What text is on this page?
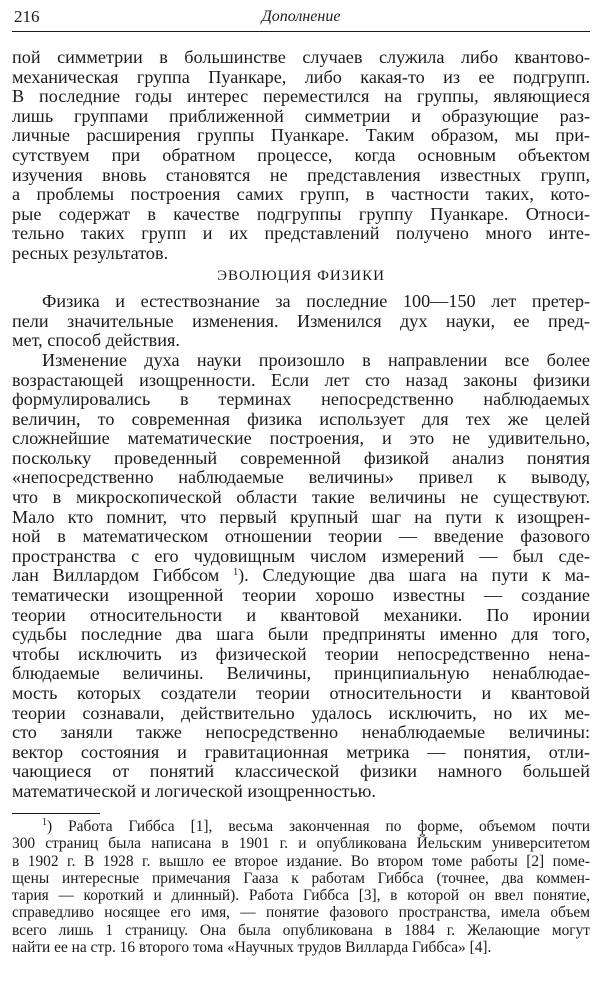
216	Дополнение
пой симметрии в большинстве случаев служила либо квантово-
механическая группа Пуанкаре, либо какая-то из ее подгрупп.
В последние годы интерес переместился на группы, являющиеся
лишь группами приближенной симметрии и образующие раз-
личные расширения группы Пуанкаре. Таким образом, мы при-
сутствуем при обратном процессе, когда основным объектом
изучения вновь становятся не представления известных групп,
а проблемы построения самих групп, в частности таких, кото-
рые содержат в качестве подгруппы группу Пуанкаре. Относи-
тельно таких групп и их представлений получено много инте-
ресных результатов.
ЭВОЛЮЦИЯ ФИЗИКИ
Физика и естествознание за последние 100—150 лет претер-
пели значительные изменения. Изменился дух науки, ее пред-
мет, способ действия.
Изменение духа науки произошло в направлении все более
возрастающей изощренности. Если лет сто назад законы физики
формулировались в терминах непосредственно наблюдаемых
величин, то современная физика использует для тех же целей
сложнейшие математические построения, и это не удивительно,
поскольку проведенный современной физикой анализ понятия
«непосредственно наблюдаемые величины» привел к выводу,
что в микроскопической области такие величины не существуют.
Мало кто помнит, что первый крупный шаг на пути к изощрен-
ной в математическом отношении теории — введение фазового
пространства с его чудовищным числом измерений — был сде-
лан Виллардом Гиббсом $^1$). Следующие два шага на пути к ма-
тематически изощренной теории хорошо известны — создание
теории относительности и квантовой механики. По иронии
судьбы последние два шага были предприняты именно для того,
чтобы исключить из физической теории непосредственно нена-
блюдаемые величины. Величины, принципиальную ненаблюдае-
мость которых создатели теории относительности и квантовой
теории сознавали, действительно удалось исключить, но их ме-
сто заняли также непосредственно ненаблюдаемые величины:
вектор состояния и гравитационная метрика — понятия, отли-
чающиеся от понятий классической физики намного большей
математической и логической изощренностью.
$^1$) Работа Гиббса [1], весьма законченная по форме, объемом почти
300 страниц была написана в 1901 г. и опубликована Йельским университетом
в 1902 г. В 1928 г. вышло ее второе издание. Во втором томе работы [2] поме-
щены интересные примечания Гааза к работам Гиббса (точнее, два коммен-
тария — короткий и длинный). Работа Гиббса [3], в которой он ввел понятие,
справедливо носящее его имя, — понятие фазового пространства, имела объем
всего лишь 1 страницу. Она была опубликована в 1884 г. Желающие могут
найти ее на стр. 16 второго тома «Научных трудов Вилларда Гиббса» [4].
